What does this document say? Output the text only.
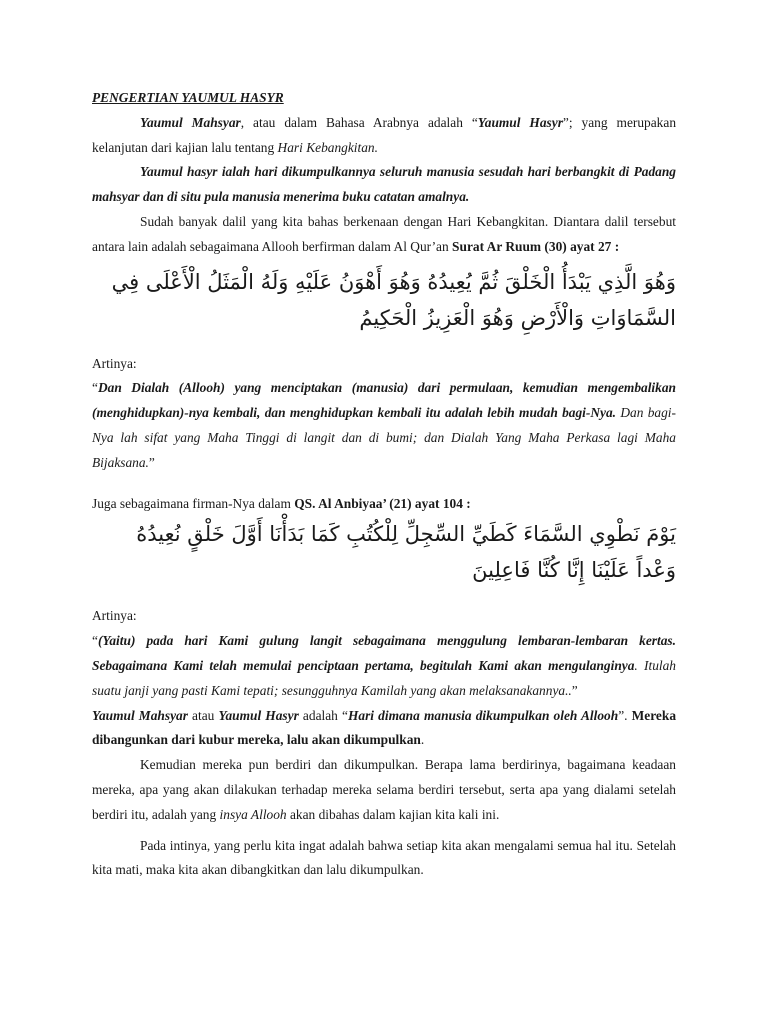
PENGERTIAN YAUMUL HASYR

Yaumul Mahsyar, atau dalam Bahasa Arabnya adalah “Yaumul Hasyr”; yang merupakan kelanjutan dari kajian lalu tentang Hari Kebangkitan.

Yaumul hasyr ialah hari dikumpulkannya seluruh manusia sesudah hari berbangkit di Padang mahsyar dan di situ pula manusia menerima buku catatan amalnya.

Sudah banyak dalil yang kita bahas berkenaan dengan Hari Kebangkitan. Diantara dalil tersebut antara lain adalah sebagaimana Allooh berfirman dalam Al Qur’an Surat Ar Ruum (30) ayat 27 :

وَهُوَ الَّذِي يَبْدَأُ الْخَلْقَ ثُمَّ يُعِيدُهُ وَهُوَ أَهْوَنُ عَلَيْهِ وَلَهُ الْمَثَلُ الْأَعْلَى فِي السَّمَاوَاتِ وَالْأَرْضِ وَهُوَ الْعَزِيزُ الْحَكِيمُ

Artinya:

“Dan Dialah (Allooh) yang menciptakan (manusia) dari permulaan, kemudian mengembalikan (menghidupkan)-nya kembali, dan menghidupkan kembali itu adalah lebih mudah bagi-Nya. Dan bagi-Nya lah sifat yang Maha Tinggi di langit dan di bumi; dan Dialah Yang Maha Perkasa lagi Maha Bijaksana.”

Juga sebagaimana firman-Nya dalam QS. Al Anbiyaa’ (21) ayat 104 :

يَوْمَ نَطْوِي السَّمَاءَ كَطَيِّ السِّجِلِّ لِلْكُتُبِ كَمَا بَدَأْنَا أَوَّلَ خَلْقٍ نُعِيدُهُ وَعْداً عَلَيْنَا إِنَّا كُنَّا فَاعِلِينَ

Artinya:

“(Yaitu) pada hari Kami gulung langit sebagaimana menggulung lembaran-lembaran kertas. Sebagaimana Kami telah memulai penciptaan pertama, begitulah Kami akan mengulanginya. Itulah suatu janji yang pasti Kami tepati; sesungguhnya Kamilah yang akan melaksanakannya..”

Yaumul Mahsyar atau Yaumul Hasyr adalah “Hari dimana manusia dikumpulkan oleh Allooh”. Mereka dibangunkan dari kubur mereka, lalu akan dikumpulkan.

Kemudian mereka pun berdiri dan dikumpulkan. Berapa lama berdirinya, bagaimana keadaan mereka, apa yang akan dilakukan terhadap mereka selama berdiri tersebut, serta apa yang dialami setelah berdiri itu, adalah yang insya Allooh akan dibahas dalam kajian kita kali ini.

Pada intinya, yang perlu kita ingat adalah bahwa setiap kita akan mengalami semua hal itu. Setelah kita mati, maka kita akan dibangkitkan dan lalu dikumpulkan.
